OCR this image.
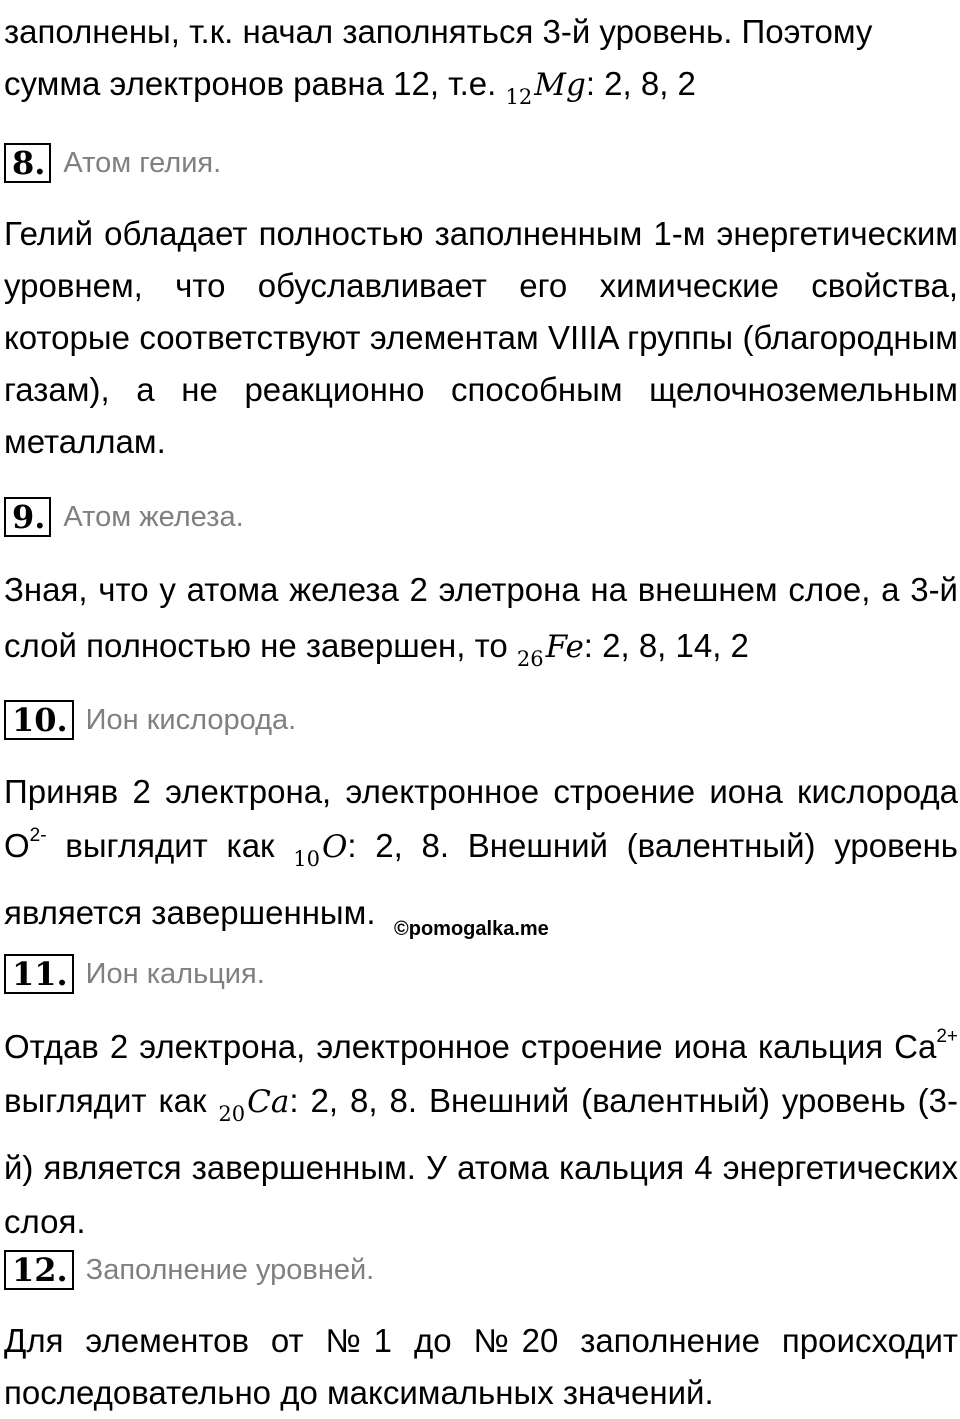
заполнены, т.к. начал заполняться 3-й уровень. Поэтому
сумма электронов равна 12, т.е. $_{12}$Mg: 2, 8, 2

8. Атом гелия.

Гелий обладает полностью заполненным 1-м энергетическим уровнем, что обуславливает его химические свойства, которые соответствуют элементам VIIIA группы (благородным газам), а не реакционно способным щелочноземельным металлам.

9. Атом железа.

Зная, что у атома железа 2 элетрона на внешнем слое, а 3-й слой полностью не завершен, то $_{26}$Fe: 2, 8, 14, 2

10. Ион кислорода.

Приняв 2 электрона, электронное строение иона кислорода $O^{2-}$ выглядит как $_{10}$O: 2, 8. Внешний (валентный) уровень является завершенным. ©pomogalka.me
11. Ион кальция.

Отдав 2 электрона, электронное строение иона кальция $Ca^{2+}$ выглядит как $_{20}$Ca: 2, 8, 8. Внешний (валентный) уровень (3-й) является завершенным. У атома кальция 4 энергетических слоя.

12. Заполнение уровней.

Для элементов от №1 до №20 заполнение происходит последовательно до максимальных значений.
